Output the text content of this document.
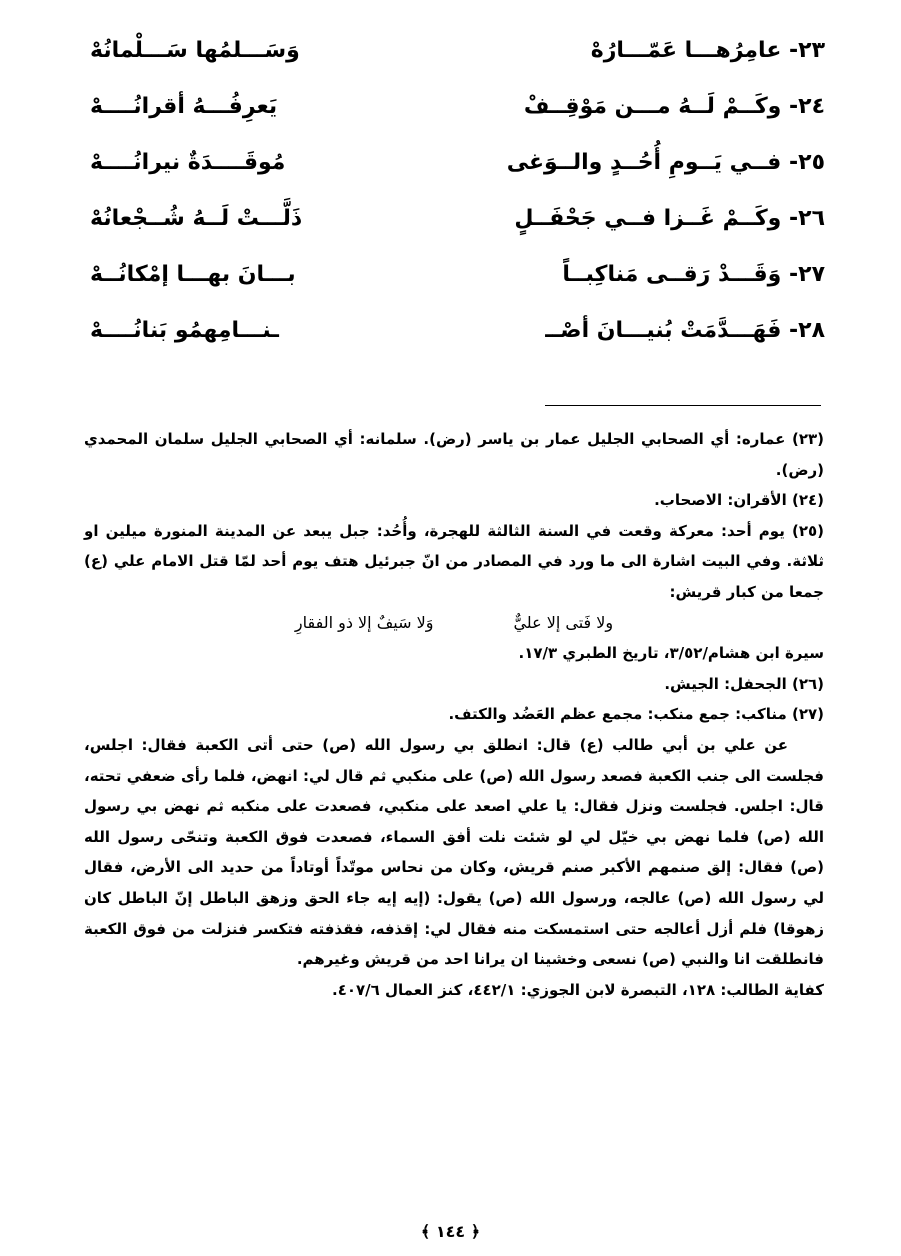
٢٣- عامِرُهـــا عَمّـــارُهْ
وَسَـــلمُها سَـــلْمانُهْ
٢٤- وكَــمْ لَــهُ مـــن مَوْقِــفْ
يَعرِفُـــهُ أقرانُــــهْ
٢٥- فــي يَــومِ أُحُــدٍ والــوَغى
مُوقَــــدَةٌ نيرانُــــهْ
٢٦- وكَــمْ غَــزا فــي جَحْفَــلٍ
ذَلَّـــتْ لَــهُ شُــجْعانُهْ
٢٧- وَقَـــدْ رَقــى مَناكِبــاً
بـــانَ بهـــا إمْكانُــهْ
٢٨- فَهَـــدَّمَتْ بُنيـــانَ أصْــ
ـنـــامِهمُو بَنانُــــهْ

(٢٣) عماره: أي الصحابي الجليل عمار بن ياسر (رض). سلمانه: أي الصحابي الجليل سلمان المحمدي (رض).

(٢٤) الأقران: الاصحاب.

(٢٥) يوم أحد: معركة وقعت في السنة الثالثة للهجرة، وأُحُد: جبل يبعد عن المدينة المنورة ميلين او ثلاثة. وفي البيت اشارة الى ما ورد في المصادر من انّ جبرئيل هتف يوم أحد لمّا قتل الامام علي (ع) جمعا من كبار قريش:

ولا فَتى إلا عليٌّ
وَلا سَيفٌ إلا ذو الفقارِ

سيرة ابن هشام/٣/٥٢، تاريخ الطبري ١٧/٣.

(٢٦) الجحفل: الجيش.

(٢٧) مناكب: جمع منكب: مجمع عظم العَضُد والكتف.

عن علي بن أبي طالب (ع) قال: انطلق بي رسول الله (ص) حتى أتى الكعبة فقال: اجلس، فجلست الى جنب الكعبة فصعد رسول الله (ص) على منكبي ثم قال لي: انهض، فلما رأى ضعفي تحته، قال: اجلس. فجلست ونزل فقال: يا علي اصعد على منكبي، فصعدت على منكبه ثم نهض بي رسول الله (ص) فلما نهض بي خيّل لي لو شئت نلت أفق السماء، فصعدت فوق الكعبة وتنحّى رسول الله (ص) فقال: إلق صنمهم الأكبر صنم قريش، وكان من نحاس موتّداً أوتاداً من حديد الى الأرض، فقال لي رسول الله (ص) عالجه، ورسول الله (ص) يقول: (إيه إيه جاء الحق وزهق الباطل إنّ الباطل كان زهوقا) فلم أزل أعالجه حتى استمسكت منه فقال لي: إقذفه، فقذفته فتكسر فنزلت من فوق الكعبة فانطلقت انا والنبي (ص) نسعى وخشينا ان يرانا احد من قريش وغيرهم.

كفاية الطالب: ١٢٨، التبصرة لابن الجوزي: ٤٤٢/١، كنز العمال ٤٠٧/٦.

﴿ ١٤٤ ﴾
